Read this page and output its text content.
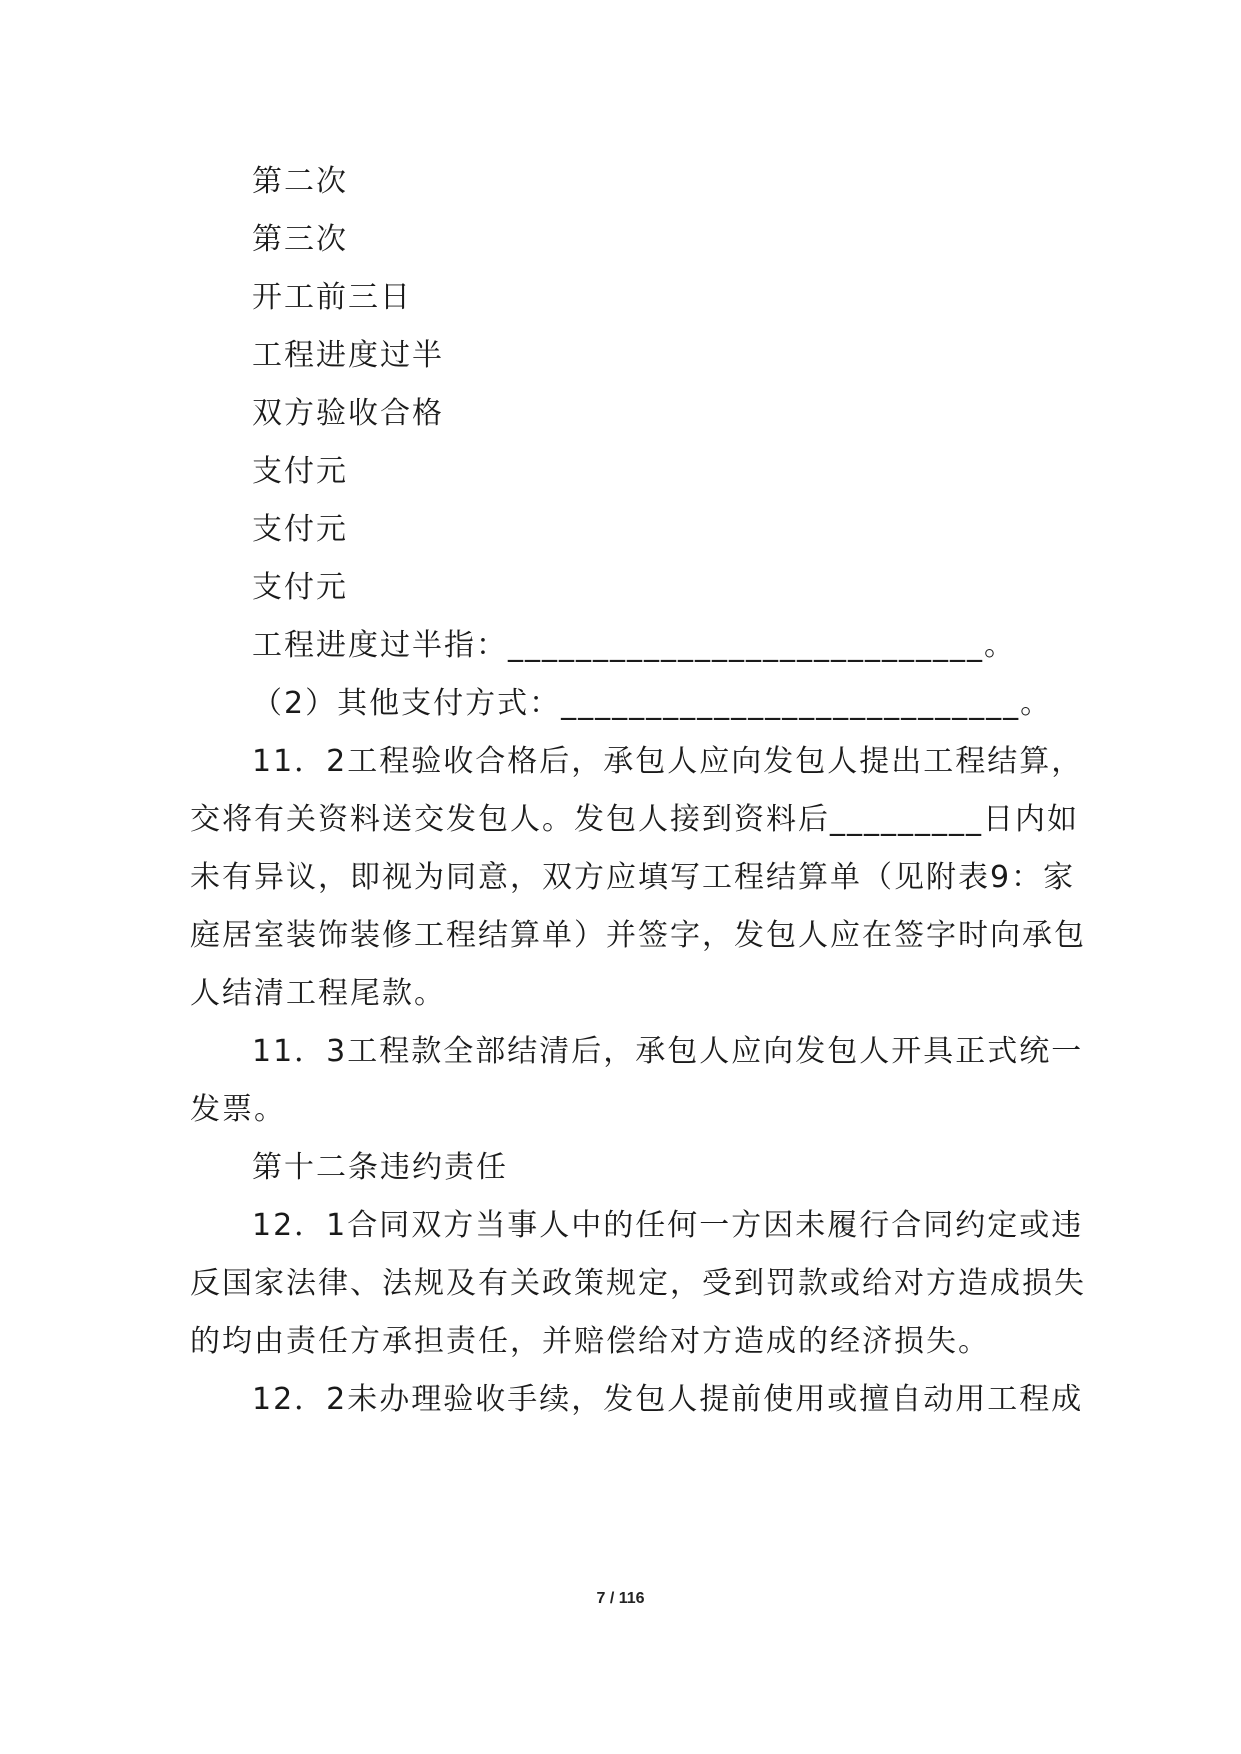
第二次
第三次
开工前三日
工程进度过半
双方验收合格
支付元
支付元
支付元
工程进度过半指：____________________________。
（2）其他支付方式：___________________________。
11．2工程验收合格后，承包人应向发包人提出工程结算，
交将有关资料送交发包人。发包人接到资料后_________日内如
未有异议，即视为同意，双方应填写工程结算单（见附表9：家
庭居室装饰装修工程结算单）并签字，发包人应在签字时向承包
人结清工程尾款。
11．3工程款全部结清后，承包人应向发包人开具正式统一
发票。
第十二条违约责任
12．1合同双方当事人中的任何一方因未履行合同约定或违
反国家法律、法规及有关政策规定，受到罚款或给对方造成损失
的均由责任方承担责任，并赔偿给对方造成的经济损失。
12．2未办理验收手续，发包人提前使用或擅自动用工程成
7 / 116
